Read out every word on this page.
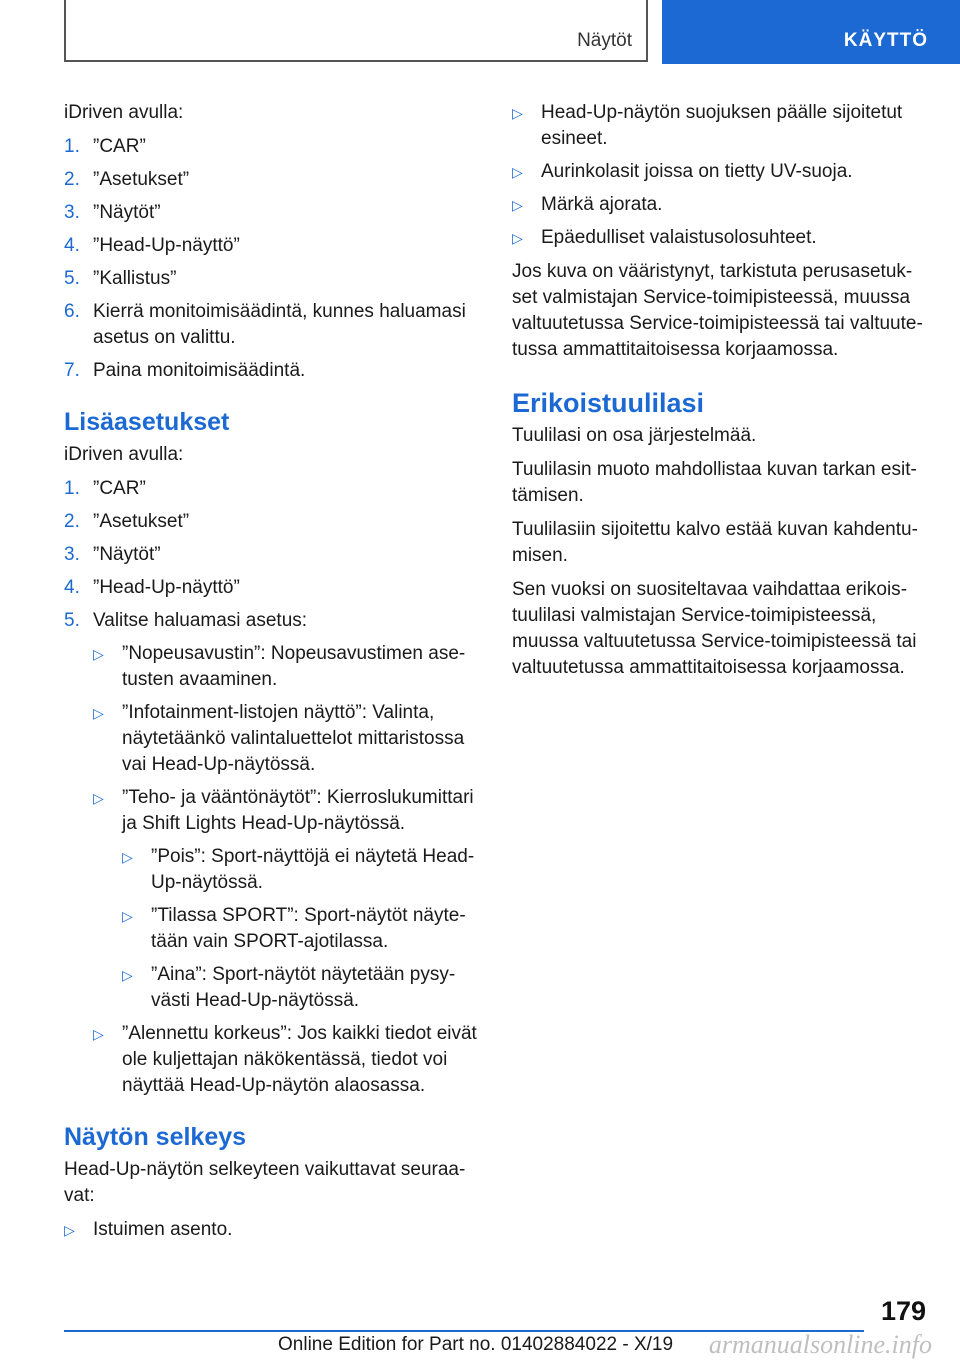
Näytöt	KÄYTTÖ

iDriven avulla:

1. ”CAR”
2. ”Asetukset”
3. ”Näytöt”
4. ”Head-Up-näyttö”
5. ”Kallistus”
6. Kierrä monitoimisäädintä, kunnes haluamasi asetus on valittu.
7. Paina monitoimisäädintä.
Lisäasetukset

iDriven avulla:

1. ”CAR”
2. ”Asetukset”
3. ”Näytöt”
4. ”Head-Up-näyttö”
5. Valitse haluamasi asetus:
▷ ”Nopeusavustin”: Nopeusavustimen asetusten avaaminen.
▷ ”Infotainment-listojen näyttö”: Valinta, näytetäänkö valintaluettelot mittaristossa vai Head-Up-näytössä.
▷ ”Teho- ja vääntönäytöt”: Kierroslukumittari ja Shift Lights Head-Up-näytössä.
▷ ”Pois”: Sport-näyttöjä ei näytetä Head-Up-näytössä.
▷ ”Tilassa SPORT”: Sport-näytöt näytetään vain SPORT-ajotilassa.
▷ ”Aina”: Sport-näytöt näytetään pysyvästi Head-Up-näytössä.
▷ ”Alennettu korkeus”: Jos kaikki tiedot eivät ole kuljettajan näkökentässä, tiedot voi näyttää Head-Up-näytön alaosassa.
Näytön selkeys

Head-Up-näytön selkeyteen vaikuttavat seuraavat:

▷ Istuimen asento.
▷ Head-Up-näytön suojuksen päälle sijoitetut esineet.
▷ Aurinkolasit joissa on tietty UV-suoja.
▷ Märkä ajorata.
▷ Epäedulliset valaistusolosuhteet.

Jos kuva on vääristynyt, tarkistuta perusasetukset valmistajan Service-toimipisteessä, muussa valtuutetussa Service-toimipisteessä tai valtuutetussa ammattitaitoisessa korjaamossa.

Erikoistuulilasi

Tuulilasi on osa järjestelmää.

Tuulilasin muoto mahdollistaa kuvan tarkan esittämisen.

Tuulilasiin sijoitettu kalvo estää kuvan kahdentumisen.

Sen vuoksi on suositeltavaa vaihdattaa erikoistuulilasi valmistajan Service-toimipisteessä, muussa valtuutetussa Service-toimipisteessä tai valtuutetussa ammattitaitoisessa korjaamossa.

179
Online Edition for Part no. 01402884022 - X/19 armanualsonline.info
